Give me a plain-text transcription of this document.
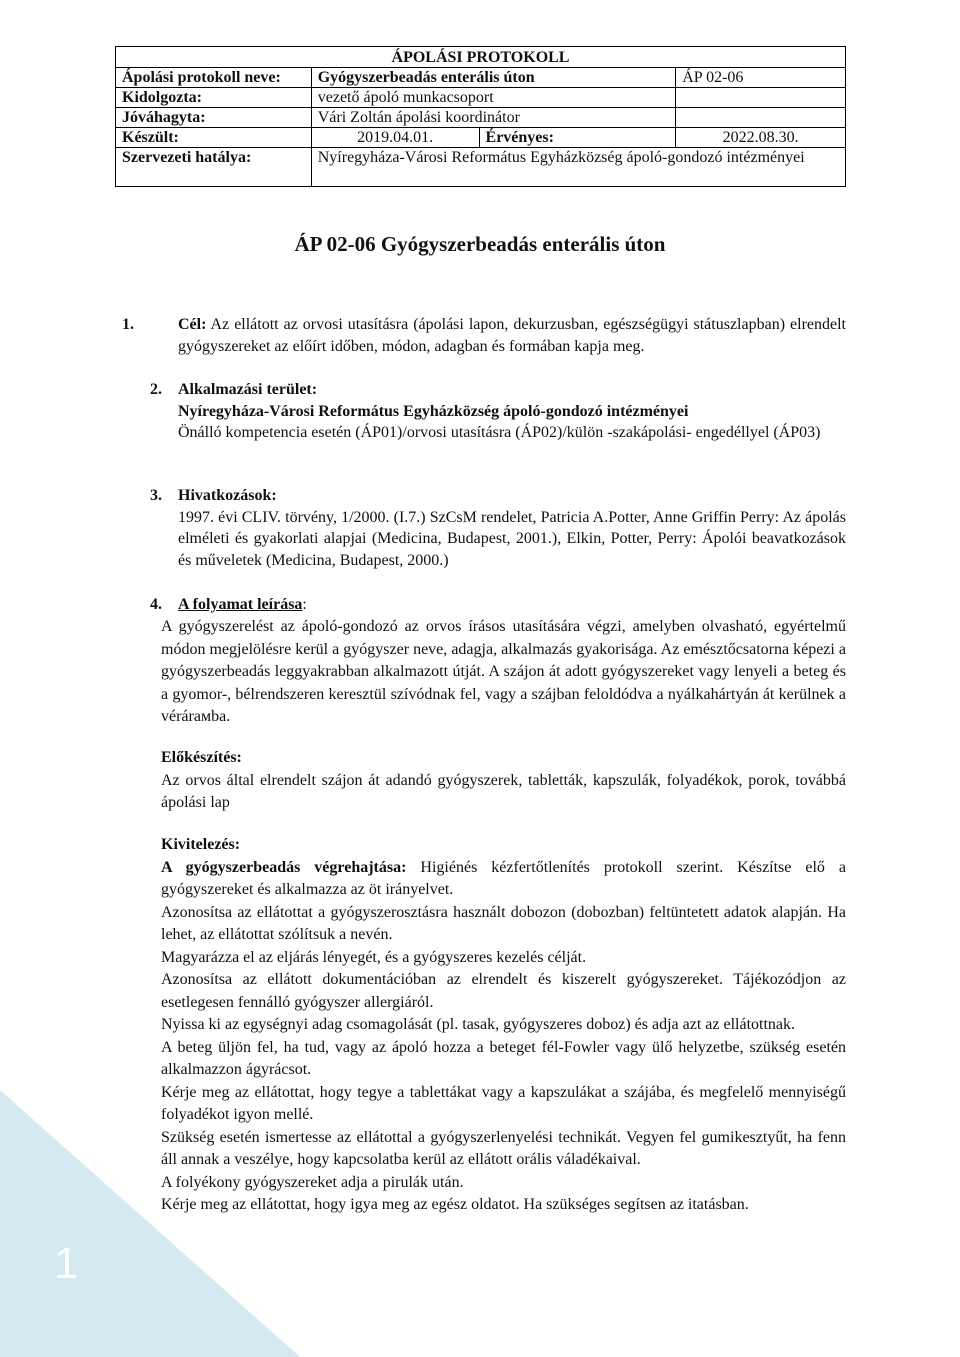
1
ÁPOLÁSI PROTOKOLL			
Ápolási protokoll neve:	Gyógyszerbeadás enterális úton		ÁP 02-06
Kidolgozta:	vezető ápoló munkacsoport		
Jóváhagyta:	Vári Zoltán ápolási koordinátor		
Készült:	2019.04.01.	Érvényes:	2022.08.30.
Szervezeti hatálya:	Nyíregyháza-Városi Református Egyházközség ápoló-gondozó intézményei		
ÁP 02-06 Gyógyszerbeadás enterális úton
1.	Cél: Az ellátott az orvosi utasításra (ápolási lapon, dekurzusban, egészségügyi státuszlapban) elrendelt gyógyszereket az előírt időben, módon, adagban és formában kapja meg.
2. Alkalmazási terület:
Nyíregyháza-Városi Református Egyházközség ápoló-gondozó intézményei
Önálló kompetencia esetén (ÁP01)/orvosi utasításra (ÁP02)/külön -szakápolási- engedéllyel (ÁP03)
3. Hivatkozások:
1997. évi CLIV. törvény, 1/2000. (I.7.) SzCsM rendelet, Patricia A.Potter, Anne Griffin Perry: Az ápolás elméleti és gyakorlati alapjai (Medicina, Budapest, 2001.), Elkin, Potter, Perry: Ápolói beavatkozások és műveletek (Medicina, Budapest, 2000.)
4. A folyamat leírása:

A gyógyszerelést az ápoló-gondozó az orvos írásos utasítására végzi, amelyben olvasható, egyértelmű módon megjelölésre kerül a gyógyszer neve, adagja, alkalmazás gyakorisága. Az emésztőcsatorna képezi a gyógyszerbeadás leggyakrabban alkalmazott útját. A szájon át adott gyógyszereket vagy lenyeli a beteg és a gyomor-, bélrendszeren keresztül szívódnak fel, vagy a szájban feloldódva a nyálkahártyán át kerülnek a vérárамba.

Előkészítés:

Az orvos által elrendelt szájon át adandó gyógyszerek, tabletták, kapszulák, folyadékok, porok, továbbá ápolási lap

Kivitelezés:

A gyógyszerbeadás végrehajtása: Higiénés kézfertőtlenítés protokoll szerint. Készítse elő a gyógyszereket és alkalmazza az öt irányelvet.

Azonosítsa az ellátottat a gyógyszerosztásra használt dobozon (dobozban) feltüntetett adatok alapján. Ha lehet, az ellátottat szólítsuk a nevén.

Magyarázza el az eljárás lényegét, és a gyógyszeres kezelés célját.

Azonosítsa az ellátott dokumentációban az elrendelt és kiszerelt gyógyszereket. Tájékozódjon az esetlegesen fennálló gyógyszer allergiáról.

Nyissa ki az egységnyi adag csomagolását (pl. tasak, gyógyszeres doboz) és adja azt az ellátottnak.

A beteg üljön fel, ha tud, vagy az ápoló hozza a beteget fél-Fowler vagy ülő helyzetbe, szükség esetén alkalmazzon ágyrácsot.

Kérje meg az ellátottat, hogy tegye a tablettákat vagy a kapszulákat a szájába, és megfelelő mennyiségű folyadékot igyon mellé.

Szükség esetén ismertesse az ellátottal a gyógyszerlenyelési technikát. Vegyen fel gumikesztyűt, ha fenn áll annak a veszélye, hogy kapcsolatba kerül az ellátott orális váladékaival.

A folyékony gyógyszereket adja a pirulák után.

Kérje meg az ellátottat, hogy igya meg az egész oldatot. Ha szükséges segítsen az itatásban.
